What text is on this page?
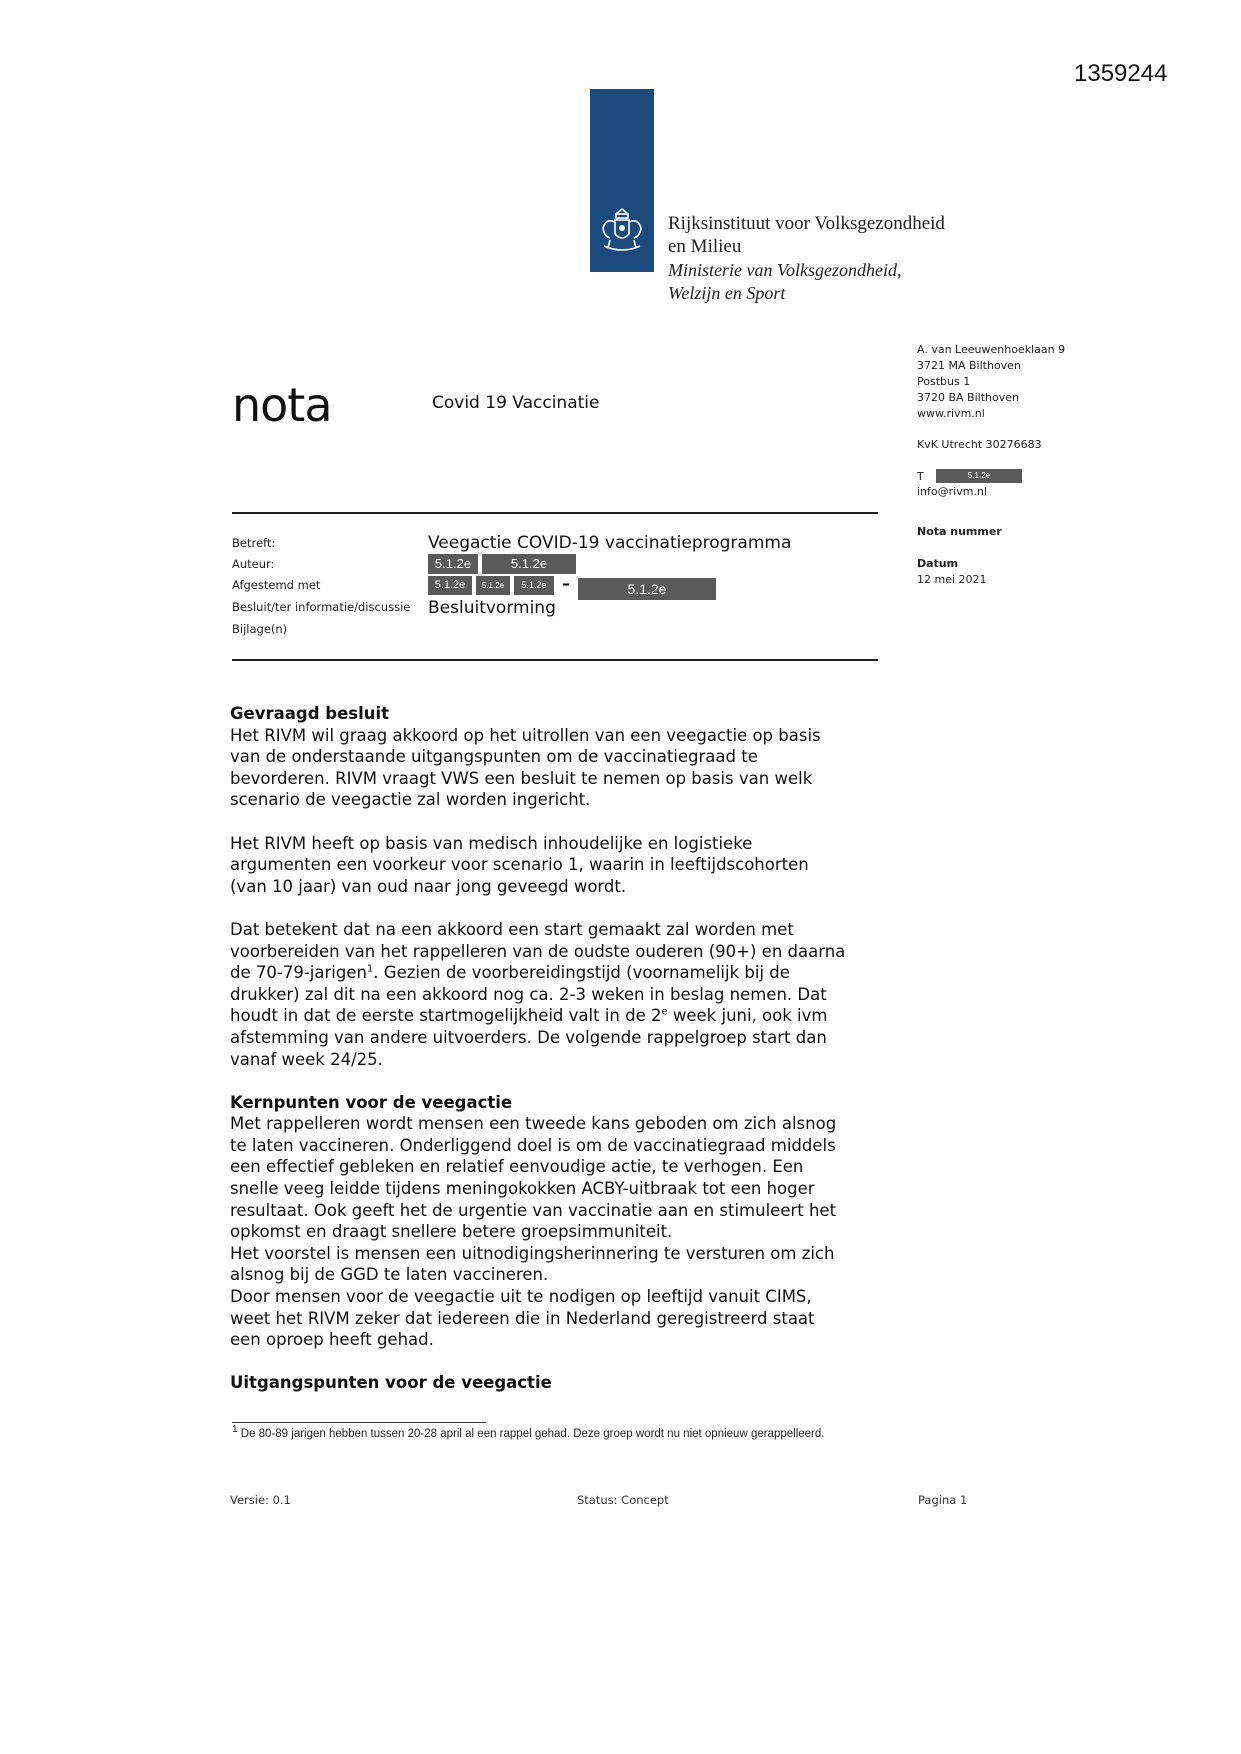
1359244
Rijksinstituut voor Volksgezondheid
en Milieu
Ministerie van Volksgezondheid,
Welzijn en Sport
nota	Covid 19 Vaccinatie
A. van Leeuwenhoeklaan 9
3721 MA Bilthoven
Postbus 1
3720 BA Bilthoven
www.rivm.nl
KvK Utrecht 30276683
T	5.1.2e
info@rivm.nl
Nota nummer
Datum
12 mei 2021
Betreft:	Veegactie COVID-19 vaccinatieprogramma
Auteur:	5.1.2e	5.1.2e
Afgestemd met	5.1.2e	5.1.2e	5.1.2e –	5.1.2e
Besluit/ter informatie/discussie Besluitvorming
Bijlage(n)
Gevraagd besluit
Het RIVM wil graag akkoord op het uitrollen van een veegactie op basis
van de onderstaande uitgangspunten om de vaccinatiegraad te
bevorderen. RIVM vraagt VWS een besluit te nemen op basis van welk
scenario de veegactie zal worden ingericht.
Het RIVM heeft op basis van medisch inhoudelijke en logistieke
argumenten een voorkeur voor scenario 1, waarin in leeftijdscohorten
(van 10 jaar) van oud naar jong geveegd wordt.
Dat betekent dat na een akkoord een start gemaakt zal worden met
voorbereiden van het rappelleren van de oudste ouderen (90+) en daarna
de 70-79-jarigen$^1$. Gezien de voorbereidingstijd (voornamelijk bij de
drukker) zal dit na een akkoord nog ca. 2-3 weken in beslag nemen. Dat
houdt in dat de eerste startmogelijkheid valt in de 2e week juni, ook ivm
afstemming van andere uitvoerders. De volgende rappelgroep start dan
vanaf week 24/25.
Kernpunten voor de veegactie
Met rappelleren wordt mensen een tweede kans geboden om zich alsnog
te laten vaccineren. Onderliggend doel is om de vaccinatiegraad middels
een effectief gebleken en relatief eenvoudige actie, te verhogen. Een
snelle veeg leidde tijdens meningokokken ACBY-uitbraak tot een hoger
resultaat. Ook geeft het de urgentie van vaccinatie aan en stimuleert het
opkomst en draagt snellere betere groepsimmuniteit.
Het voorstel is mensen een uitnodigingsherinnering te versturen om zich
alsnog bij de GGD te laten vaccineren.
Door mensen voor de veegactie uit te nodigen op leeftijd vanuit CIMS,
weet het RIVM zeker dat iedereen die in Nederland geregistreerd staat
een oproep heeft gehad.
Uitgangspunten voor de veegactie
$^1$ De 80-89 jarigen hebben tussen 20-28 april al een rappel gehad. Deze groep wordt nu niet opnieuw gerappelleerd.
Versie: 0.1	Status: Concept	Pagina 1
